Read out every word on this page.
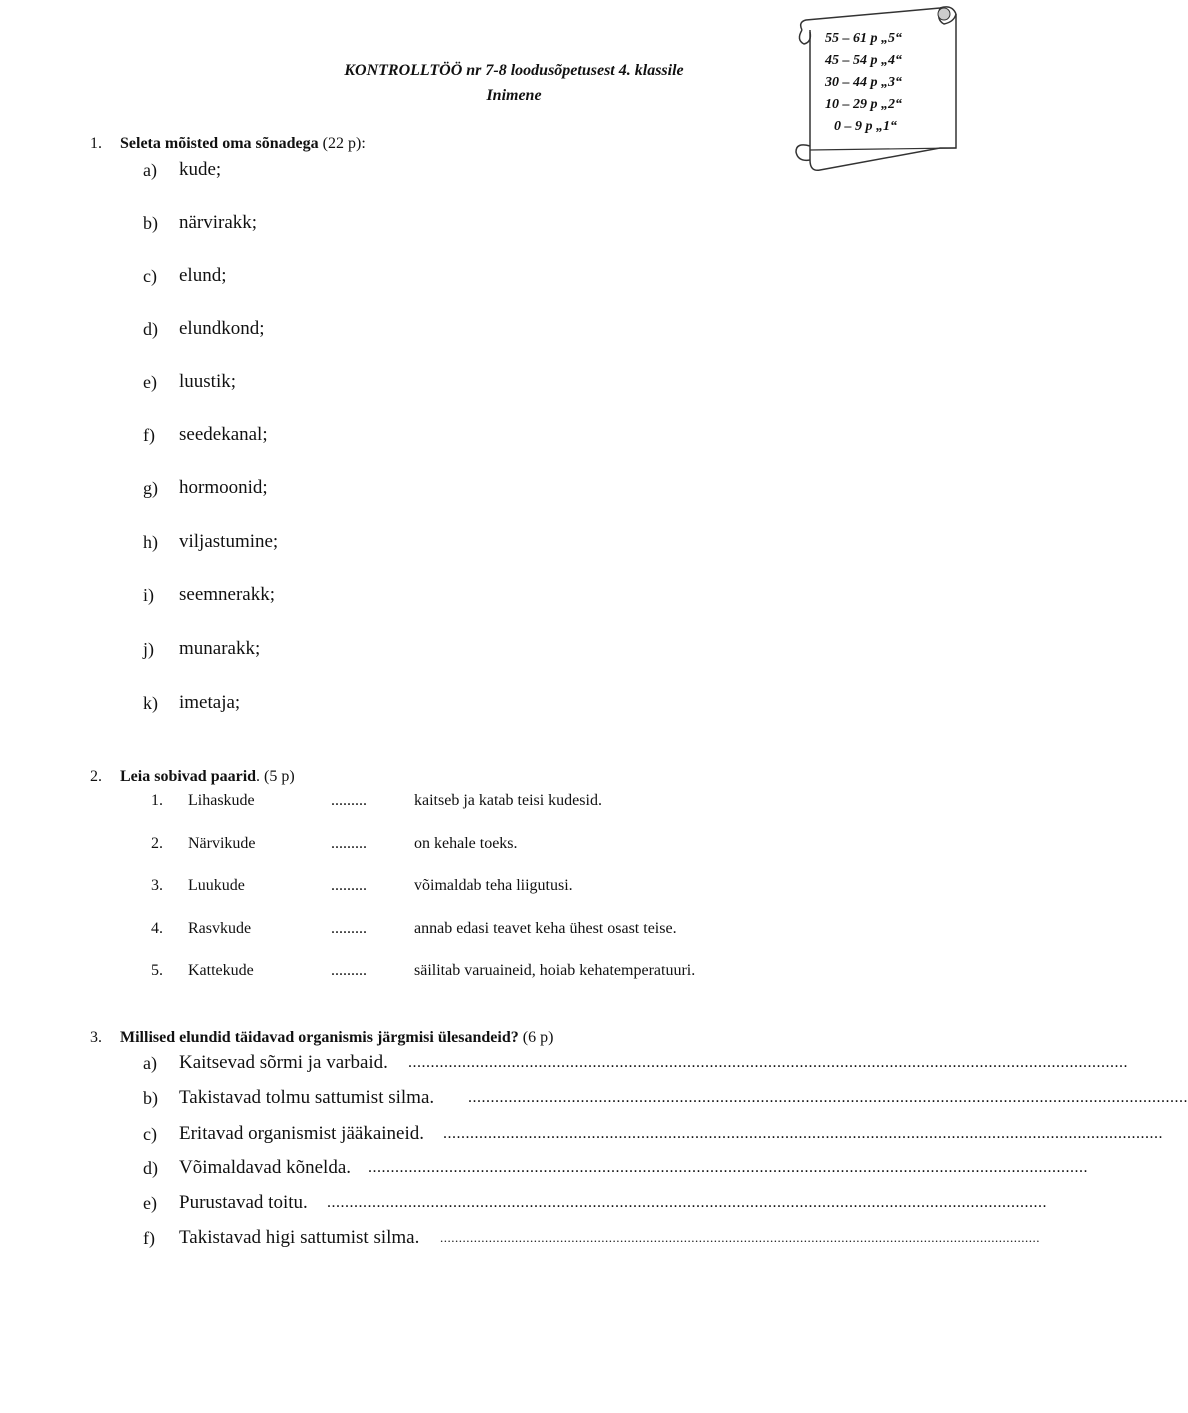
KONTROLLTÖÖ nr 7-8 loodusõpetusest 4. klassile
Inimene
55 – 61 p „5“
45 – 54 p „4“
30 – 44 p „3“
10 – 29 p „2“
0 – 9 p „1“
1. Seleta mõisted oma sõnadega (22 p):
a) kude;
b) närvirakk;
c) elund;
d) elundkond;
e) luustik;
f) seedekanal;
g) hormoonid;
h) viljastumine;
i) seemnerakk;
j) munarakk;
k) imetaja;
2. Leia sobivad paarid. (5 p)
1. Lihaskude	.........	kaitseb ja katab teisi kudesid.
2. Närvikude	.........	on kehale toeks.
3. Luukude	.........	võimaldab teha liigutusi.
4. Rasvkude	.........	annab edasi teavet keha ühest osast teise.
5. Kattekude	.........	säilitab varuaineid, hoiab kehatemperatuuri.
3. Millised elundid täidavad organismis järgmisi ülesandeid? (6 p)
a) Kaitsevad sõrmi ja varbaid. ................................................................................................................................................................
b) Takistavad tolmu sattumist silma. ................................................................................................................................................................
c) Eritavad organismist jääkaineid. ................................................................................................................................................................
d) Võimaldavad kõnelda. ................................................................................................................................................................
e) Purustavad toitu. ................................................................................................................................................................
f) Takistavad higi sattumist silma. ................................................................................................................................................................
